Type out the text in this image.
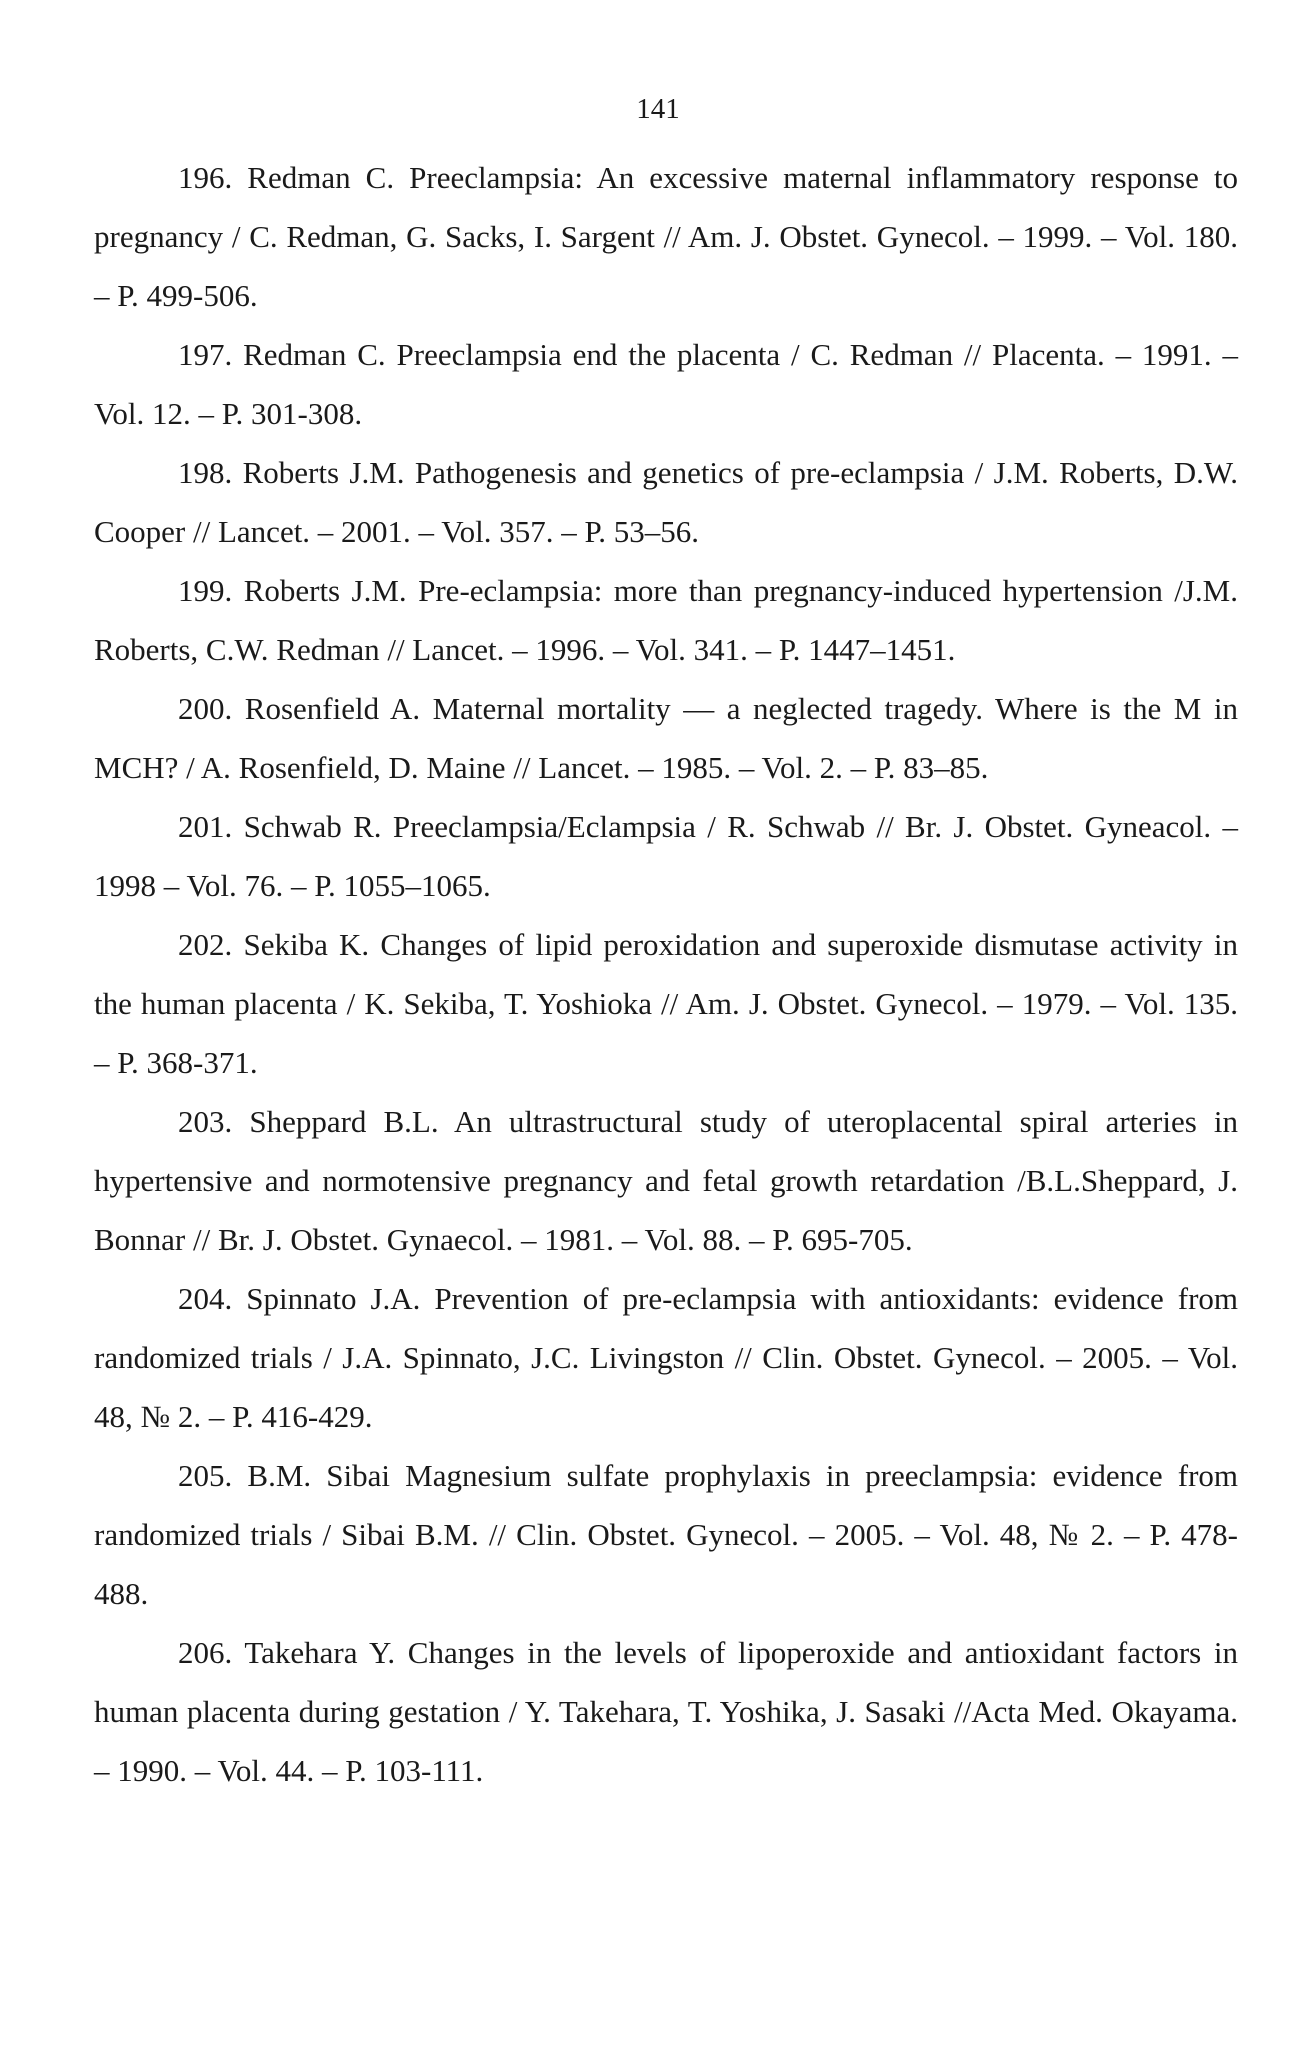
141

196. Redman C. Preeclampsia: An excessive maternal inflammatory response to pregnancy / C. Redman, G. Sacks, I. Sargent // Am. J. Obstet. Gynecol. – 1999. – Vol. 180. – P. 499-506.

197. Redman C. Preeclampsia end the placenta / C. Redman // Placenta. – 1991. – Vol. 12. – P. 301-308.

198. Roberts J.M. Pathogenesis and genetics of pre-eclampsia / J.M. Roberts, D.W. Cooper // Lancet. – 2001. – Vol. 357. – P. 53–56.

199. Roberts J.M. Pre-eclampsia: more than pregnancy-induced hypertension /J.M. Roberts, C.W. Redman // Lancet. – 1996. – Vol. 341. – P. 1447–1451.

200. Rosenfield A. Maternal mortality — a neglected tragedy. Where is the M in MCH? / A. Rosenfield, D. Maine // Lancet. – 1985. – Vol. 2. – P. 83–85.

201. Schwab R. Preeclampsia/Eclampsia / R. Schwab // Br. J. Obstet. Gyneacol. – 1998 – Vol. 76. – P. 1055–1065.

202. Sekiba K. Changes of lipid peroxidation and superoxide dismutase activity in the human placenta / K. Sekiba, T. Yoshioka // Am. J. Obstet. Gynecol. – 1979. – Vol. 135. – P. 368-371.

203. Sheppard B.L. An ultrastructural study of uteroplacental spiral arteries in hypertensive and normotensive pregnancy and fetal growth retardation /B.L.Sheppard, J. Bonnar // Br. J. Obstet. Gynaecol. – 1981. – Vol. 88. – P. 695-705.

204. Spinnato J.A. Prevention of pre-eclampsia with antioxidants: evidence from randomized trials / J.A. Spinnato, J.C. Livingston // Clin. Obstet. Gynecol. – 2005. – Vol. 48, № 2. – P. 416-429.

205. B.M. Sibai Magnesium sulfate prophylaxis in preeclampsia: evidence from randomized trials / Sibai B.M. // Clin. Obstet. Gynecol. – 2005. – Vol. 48, № 2. – P. 478-488.

206. Takehara Y. Changes in the levels of lipoperoxide and antioxidant factors in human placenta during gestation / Y. Takehara, T. Yoshika, J. Sasaki //Acta Med. Okayama. – 1990. – Vol. 44. – P. 103-111.
